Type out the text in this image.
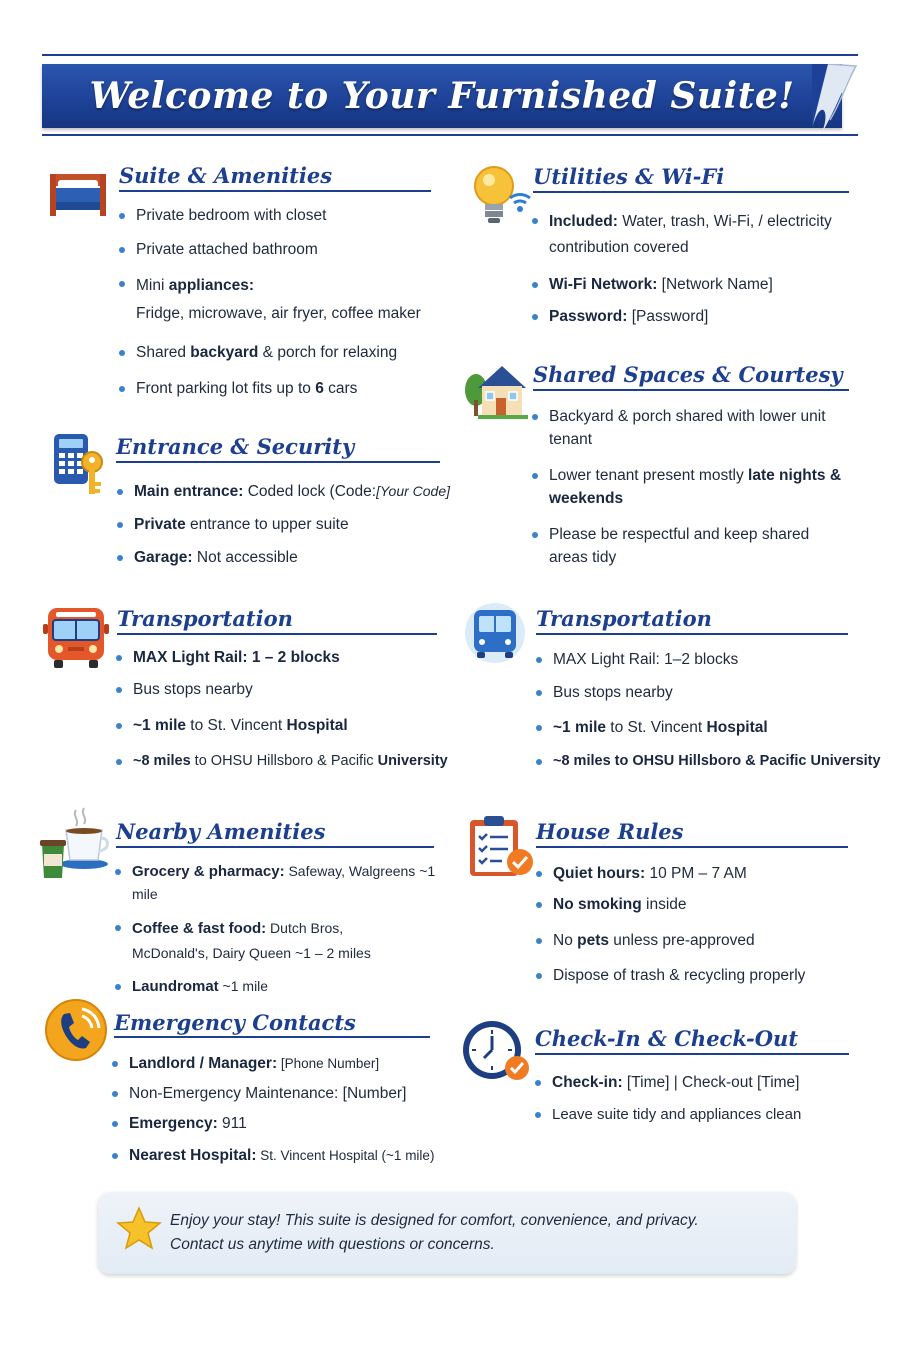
Welcome to Your Furnished Suite!
Suite & Amenities
Private bedroom with closet
Private attached bathroom
Mini appliances:
Fridge, microwave, air fryer, coffee maker
Shared backyard & porch for relaxing
Front parking lot fits up to 6 cars
Utilities & Wi-Fi
Included: Water, trash, Wi-Fi, / electricity contribution covered
Wi-Fi Network: [Network Name]
Password: [Password]
Entrance & Security
Main entrance: Coded lock (Code:[Your Code]
Private entrance to upper suite
Garage: Not accessible
Shared Spaces & Courtesy
Backyard & porch shared with lower unit tenant
Lower tenant present mostly late nights & weekends
Please be respectful and keep shared areas tidy
Transportation
MAX Light Rail: 1 – 2 blocks
Bus stops nearby
~1 mile to St. Vincent Hospital
~8 miles to OHSU Hillsboro & Pacific University
Transportation
MAX Light Rail: 1–2 blocks
Bus stops nearby
~1 mile to St. Vincent Hospital
~8 miles to OHSU Hillsboro & Pacific University
Nearby Amenities
Grocery & pharmacy: Safeway, Walgreens ~1 mile
Coffee & fast food: Dutch Bros,
McDonald's, Dairy Queen ~1 – 2 miles
Laundromat ~1 mile
House Rules
Quiet hours: 10 PM – 7 AM
No smoking inside
No pets unless pre-approved
Dispose of trash & recycling properly
Emergency Contacts
Landlord / Manager: [Phone Number]
Non-Emergency Maintenance: [Number]
Emergency: 911
Nearest Hospital: St. Vincent Hospital (~1 mile)
Check-In & Check-Out
Check-in: [Time] | Check-out [Time]
Leave suite tidy and appliances clean
Enjoy your stay! This suite is designed for comfort, convenience, and privacy.
Contact us anytime with questions or concerns.
